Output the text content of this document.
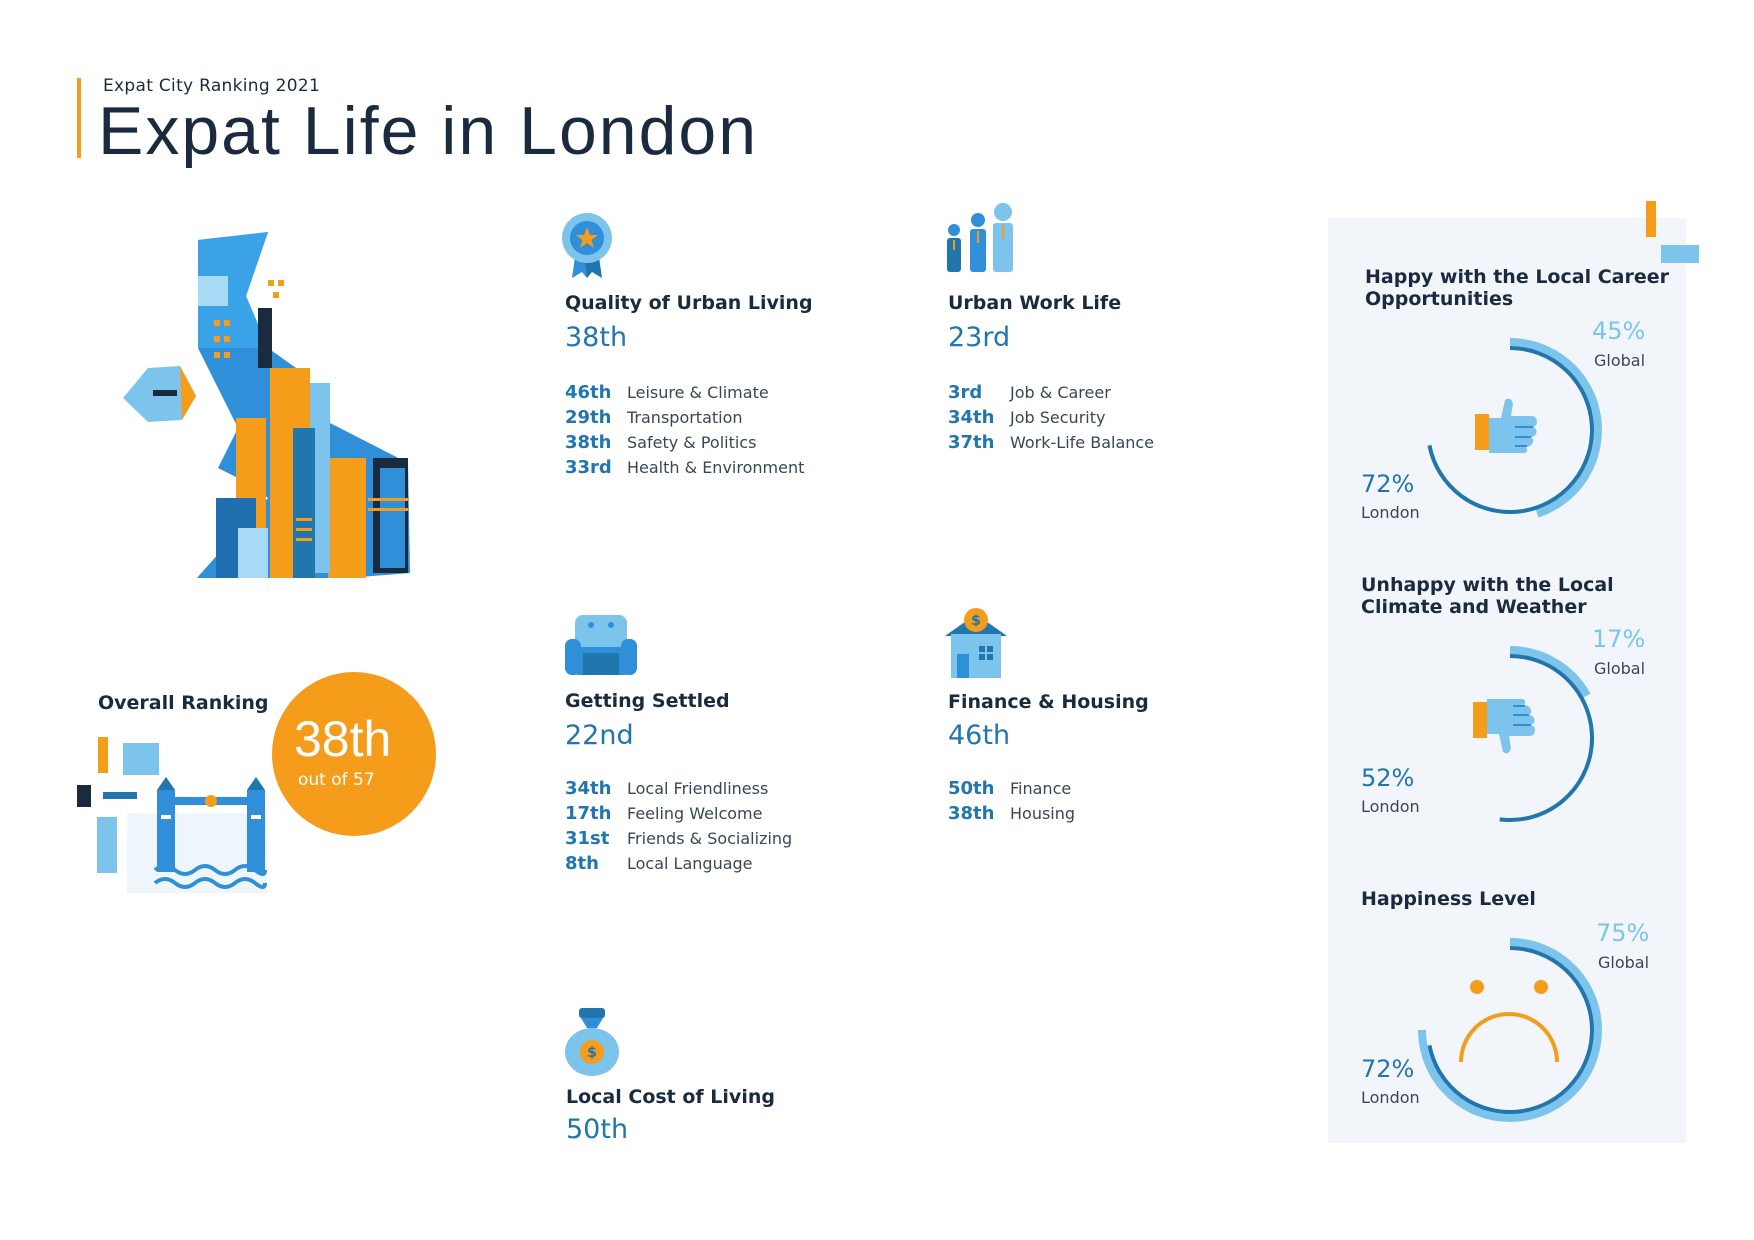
Expat City Ranking 2021
Expat Life in London
Overall Ranking
38th
out of 57
Quality of Urban Living
38th
46th Leisure & Climate
29th Transportation
38th Safety & Politics
33rd Health & Environment
Urban Work Life
23rd
3rd	Job & Career
34th Job Security
37th Work-Life Balance
Getting Settled
22nd
34th Local Friendliness
17th Feeling Welcome
31st	Friends & Socializing
8th	Local Language
$
Finance & Housing
46th
50th Finance
38th Housing
$
Local Cost of Living
50th
Happy with the Local Career
Opportunities
45%
Global
72%
London
Unhappy with the Local
Climate and Weather
17%
Global
52%
London
Happiness Level
75%
Global
72%
London
